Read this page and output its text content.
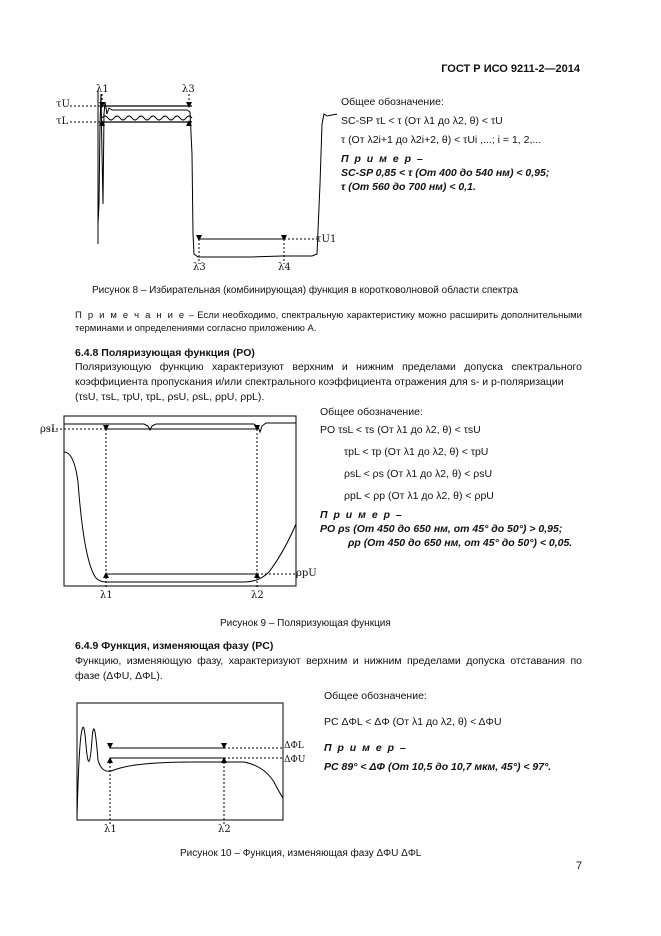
ГОСТ Р ИСО 9211-2—2014
τU
τL
τU1
λ1	λ3
λ3	λ4
Общее обозначение:
SC-SP τL < τ (От λ1 до λ2, θ) < τU
τ (От λ2i+1 до λ2i+2, θ) < τUi ,...; i = 1, 2,...
П р и м е р –
SC-SP 0,85 < τ (От 400 до 540 нм) < 0,95;
τ (От 560 до 700 нм) < 0,1.
Рисунок 8 – Избирательная (комбинирующая) функция в коротковолновой области спектра
П р и м е ч а н и е – Если необходимо, спектральную характеристику можно расширить дополнительными терминами и определениями согласно приложению А.
6.4.8 Поляризующая функция (PO)
Поляризующую функцию характеризуют верхним и нижним пределами допуска спектрального коэффициента пропускания и/или спектрального коэффициента отражения для s- и p-поляризации
(τsU, τsL, τpU, τpL, ρsU, ρsL, ρpU, ρpL).
ρsL
ρpU
λ1	λ2
Общее обозначение:
PO τsL < τs (От λ1 до λ2, θ) < τsU
τpL < τp (От λ1 до λ2, θ) < τpU
ρsL < ρs (От λ1 до λ2, θ) < ρsU
ρpL < ρp (От λ1 до λ2, θ) < ρpU
П р и м е р –
PO ρs (От 450 до 650 нм, от 45° до 50°) > 0,95;
ρp (От 450 до 650 нм, от 45° до 50°) < 0,05.
Рисунок 9 – Поляризующая функция
6.4.9 Функция, изменяющая фазу (PC)
Функцию, изменяющую фазу, характеризуют верхним и нижним пределами допуска отставания по фазе (ΔΦU, ΔΦL).
ΔΦL
ΔΦU
λ1	λ2
Общее обозначение:
PC ΔΦL < ΔΦ (От λ1 до λ2, θ) < ΔΦU
П р и м е р –
PC 89° < ΔΦ (От 10,5 до 10,7 мкм, 45°) < 97°.
Рисунок 10 – Функция, изменяющая фазу ΔΦU ΔΦL
7
